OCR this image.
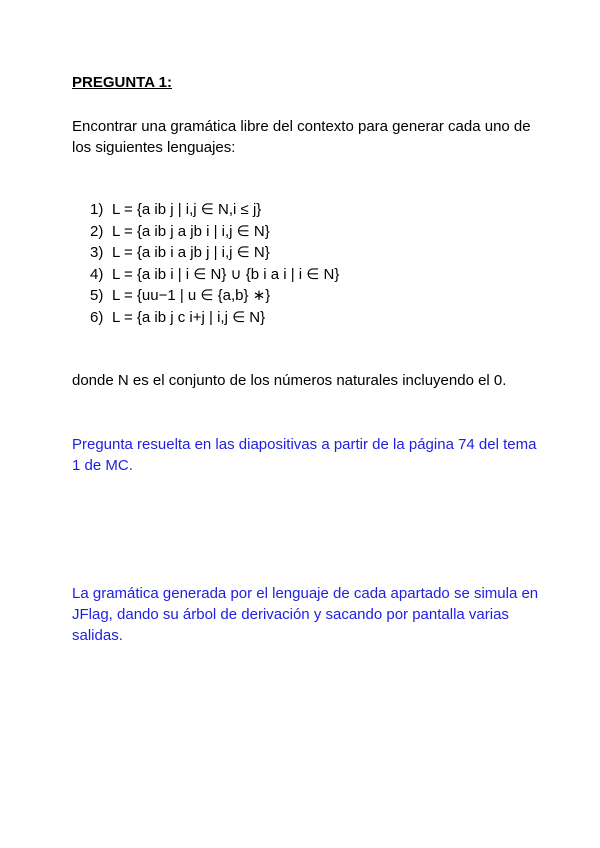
PREGUNTA 1:
Encontrar una gramática libre del contexto para generar cada uno de los siguientes lenguajes:
1) L = {a ib j | i,j ∈ N,i ≤ j}
2) L = {a ib j a jb i | i,j ∈ N}
3) L = {a ib i a jb j | i,j ∈ N}
4) L = {a ib i | i ∈ N} ∪ {b i a i | i ∈ N}
5) L = {uu−1 | u ∈ {a,b} ∗}
6) L = {a ib j c i+j | i,j ∈ N}
donde N es el conjunto de los números naturales incluyendo el 0.
Pregunta resuelta en las diapositivas a partir de la página 74 del tema 1 de MC.
La gramática generada por el lenguaje de cada apartado se simula en JFlag, dando su árbol de derivación y sacando por pantalla varias salidas.
